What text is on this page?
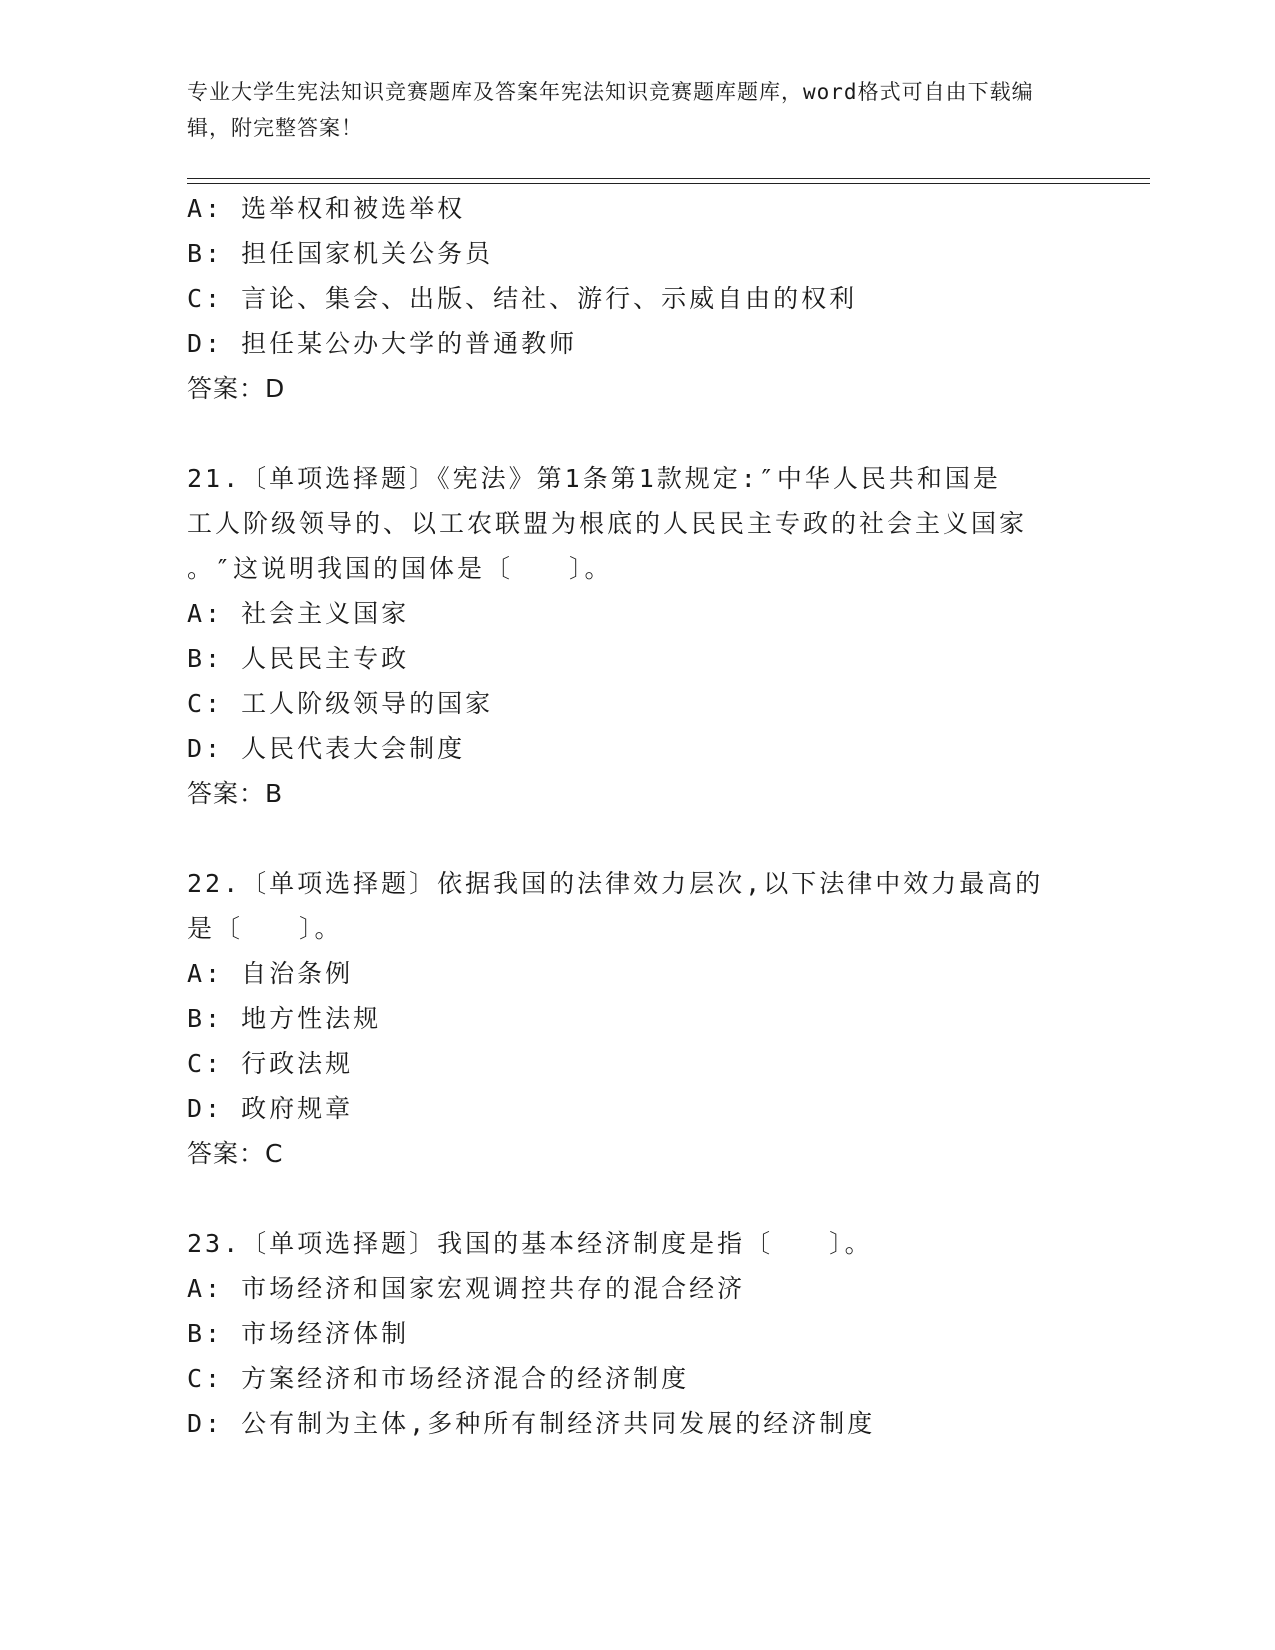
专业大学生宪法知识竞赛题库及答案年宪法知识竞赛题库题库，word格式可自由下载编辑，附完整答案！
A: 选举权和被选举权
B: 担任国家机关公务员
C: 言论、集会、出版、结社、游行、示威自由的权利
D: 担任某公办大学的普通教师
答案：D
21.〔单项选择题〕《宪法》第1条第1款规定:″中华人民共和国是
工人阶级领导的、以工农联盟为根底的人民民主专政的社会主义国家
。″这说明我国的国体是〔　　〕。
A: 社会主义国家
B: 人民民主专政
C: 工人阶级领导的国家
D: 人民代表大会制度
答案：B
22.〔单项选择题〕依据我国的法律效力层次,以下法律中效力最高的
是〔　　〕。
A: 自治条例
B: 地方性法规
C: 行政法规
D: 政府规章
答案：C
23.〔单项选择题〕我国的基本经济制度是指〔　　〕。
A: 市场经济和国家宏观调控共存的混合经济
B: 市场经济体制
C: 方案经济和市场经济混合的经济制度
D: 公有制为主体,多种所有制经济共同发展的经济制度
